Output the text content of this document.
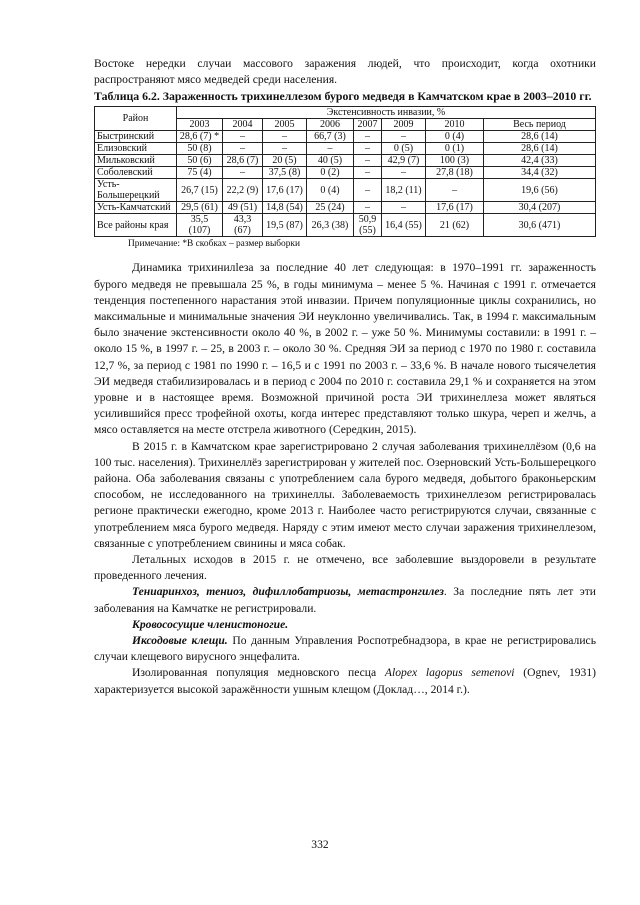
Востоке нередки случаи массового заражения людей, что происходит, когда охотники распространяют мясо медведей среди населения.

Таблица 6.2. Зараженность трихинеллезом бурого медведя в Камчатском крае в 2003–2010 гг.

Район	Экстенсивность инвазии, %							
	2003	2004	2005	2006	2007	2009	2010	Весь период
Быстринский	28,6 (7) *	–	–	66,7 (3)	–	–	0 (4)	28,6 (14)
Елизовский	50 (8)	–	–	–	–	0 (5)	0 (1)	28,6 (14)
Мильковский	50 (6)	28,6 (7)	20 (5)	40 (5)	–	42,9 (7)	100 (3)	42,4 (33)
Соболевский	75 (4)	–	37,5 (8)	0 (2)	–	–	27,8 (18)	34,4 (32)
Усть-Большерецкий	26,7 (15)	22,2 (9)	17,6 (17)	0 (4)	–	18,2 (11)	–	19,6 (56)
Усть-Камчатский	29,5 (61)	49 (51)	14,8 (54)	25 (24)	–	–	17,6 (17)	30,4 (207)
Все районы края	35,5 (107)	43,3 (67)	19,5 (87)	26,3 (38)	50,9 (55)	16,4 (55)	21 (62)	30,6 (471)

Примечание: *В скобках – размер выборки

Динамика трихинилleза за последние 40 лет следующая: в 1970–1991 гг. зараженность бурого медведя не превышала 25 %, в годы минимума – менее 5 %. Начиная с 1991 г. отмечается тенденция постепенного нарастания этой инвазии. Причем популяционные циклы сохранились, но максимальные и минимальные значения ЭИ неуклонно увеличивались. Так, в 1994 г. максимальным было значение экстенсивности около 40 %, в 2002 г. – уже 50 %. Минимумы составили: в 1991 г. – около 15 %, в 1997 г. – 25, в 2003 г. – около 30 %. Средняя ЭИ за период с 1970 по 1980 г. составила 12,7 %, за период с 1981 по 1990 г. – 16,5 и с 1991 по 2003 г. – 33,6 %. В начале нового тысячелетия ЭИ медведя стабилизировалась и в период с 2004 по 2010 г. составила 29,1 % и сохраняется на этом уровне и в настоящее время. Возможной причиной роста ЭИ трихинеллеза может являться усилившийся пресс трофейной охоты, когда интерес представляют только шкура, череп и желчь, а мясо оставляется на месте отстрела животного (Середкин, 2015).

В 2015 г. в Камчатском крае зарегистрировано 2 случая заболевания трихинеллёзом (0,6 на 100 тыс. населения). Трихинеллёз зарегистрирован у жителей пос. Озерновский Усть-Большерецкого района. Оба заболевания связаны с употреблением сала бурого медведя, добытого браконьерским способом, не исследованного на трихинеллы. Заболеваемость трихинеллезом регистрировалась регионе практически ежегодно, кроме 2013 г. Наиболее часто регистрируются случаи, связанные с употреблением мяса бурого медведя. Наряду с этим имеют место случаи заражения трихинеллезом, связанные с употреблением свинины и мяса собак.

Летальных исходов в 2015 г. не отмечено, все заболевшие выздоровели в результате проведенного лечения.

Тениаринхоз, тениоз, дифиллобатриозы, метастронгилез. За последние пять лет эти заболевания на Камчатке не регистрировали.

Кровососущие членистоногие.

Иксодовые клещи. По данным Управления Роспотребнадзора, в крае не регистрировались случаи клещевого вирусного энцефалита.

Изолированная популяция медновского песца Alopex lagopus semenovi (Ognev, 1931) характеризуется высокой заражённости ушным клещом (Доклад…, 2014 г.).

332
